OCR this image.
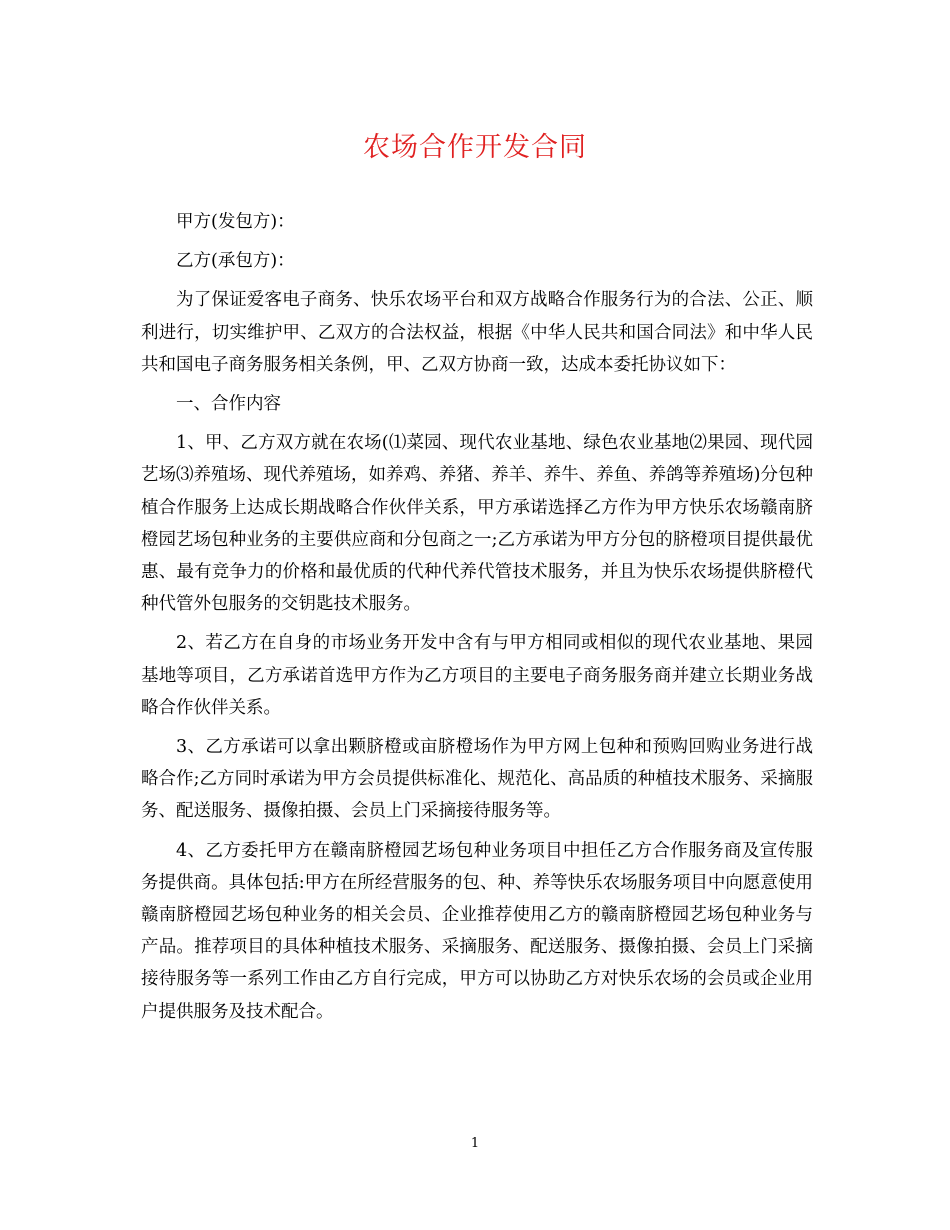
农场合作开发合同

甲方(发包方)：

乙方(承包方)：

为了保证爱客电子商务、快乐农场平台和双方战略合作服务行为的合法、公正、顺利进行，切实维护甲、乙双方的合法权益，根据《中华人民共和国合同法》和中华人民共和国电子商务服务相关条例，甲、乙双方协商一致，达成本委托协议如下：

一、合作内容

1、甲、乙方双方就在农场(⑴菜园、现代农业基地、绿色农业基地⑵果园、现代园艺场⑶养殖场、现代养殖场，如养鸡、养猪、养羊、养牛、养鱼、养鸽等养殖场)分包种植合作服务上达成长期战略合作伙伴关系，甲方承诺选择乙方作为甲方快乐农场赣南脐橙园艺场包种业务的主要供应商和分包商之一;乙方承诺为甲方分包的脐橙项目提供最优惠、最有竞争力的价格和最优质的代种代养代管技术服务，并且为快乐农场提供脐橙代种代管外包服务的交钥匙技术服务。

2、若乙方在自身的市场业务开发中含有与甲方相同或相似的现代农业基地、果园基地等项目，乙方承诺首选甲方作为乙方项目的主要电子商务服务商并建立长期业务战略合作伙伴关系。

3、乙方承诺可以拿出颗脐橙或亩脐橙场作为甲方网上包种和预购回购业务进行战略合作;乙方同时承诺为甲方会员提供标准化、规范化、高品质的种植技术服务、采摘服务、配送服务、摄像拍摄、会员上门采摘接待服务等。

4、乙方委托甲方在赣南脐橙园艺场包种业务项目中担任乙方合作服务商及宣传服务提供商。具体包括:甲方在所经营服务的包、种、养等快乐农场服务项目中向愿意使用赣南脐橙园艺场包种业务的相关会员、企业推荐使用乙方的赣南脐橙园艺场包种业务与产品。推荐项目的具体种植技术服务、采摘服务、配送服务、摄像拍摄、会员上门采摘接待服务等一系列工作由乙方自行完成，甲方可以协助乙方对快乐农场的会员或企业用户提供服务及技术配合。

1
